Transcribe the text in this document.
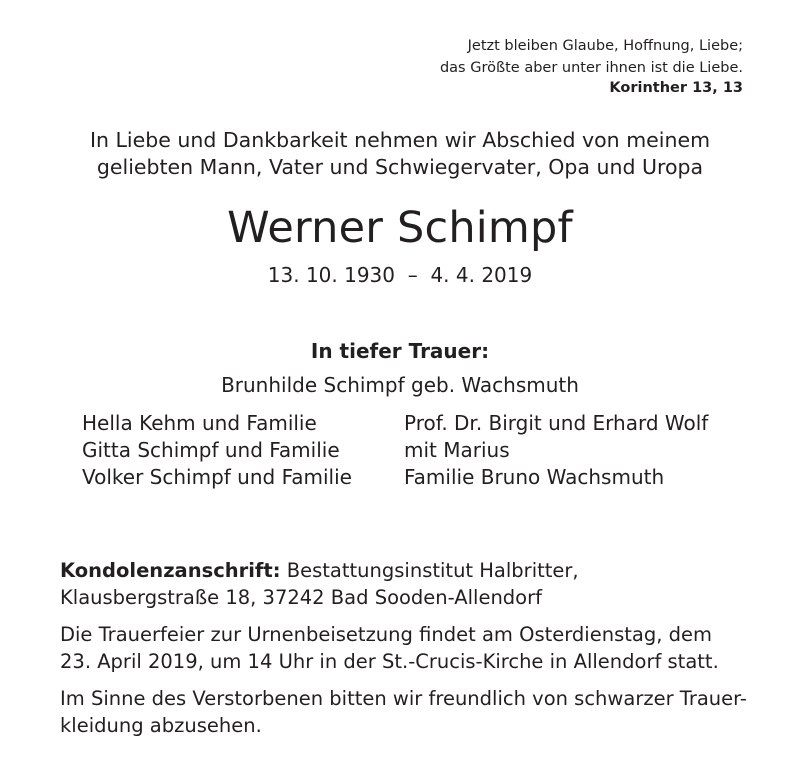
Jetzt bleiben Glaube, Hoffnung, Liebe;
das Größte aber unter ihnen ist die Liebe.
Korinther 13, 13
In Liebe und Dankbarkeit nehmen wir Abschied von meinem
geliebten Mann, Vater und Schwiegervater, Opa und Uropa
Werner Schimpf
13. 10. 1930  –  4. 4. 2019
In tiefer Trauer:
Brunhilde Schimpf geb. Wachsmuth
Hella Kehm und Familie
Gitta Schimpf und Familie
Volker Schimpf und Familie
Prof. Dr. Birgit und Erhard Wolf
mit Marius
Familie Bruno Wachsmuth
Kondolenzanschrift: Bestattungsinstitut Halbritter,
Klausbergstraße 18, 37242 Bad Sooden-Allendorf
Die Trauerfeier zur Urnenbeisetzung findet am Osterdienstag, dem
23. April 2019, um 14 Uhr in der St.-Crucis-Kirche in Allendorf statt.
Im Sinne des Verstorbenen bitten wir freundlich von schwarzer Trauer-
kleidung abzusehen.
